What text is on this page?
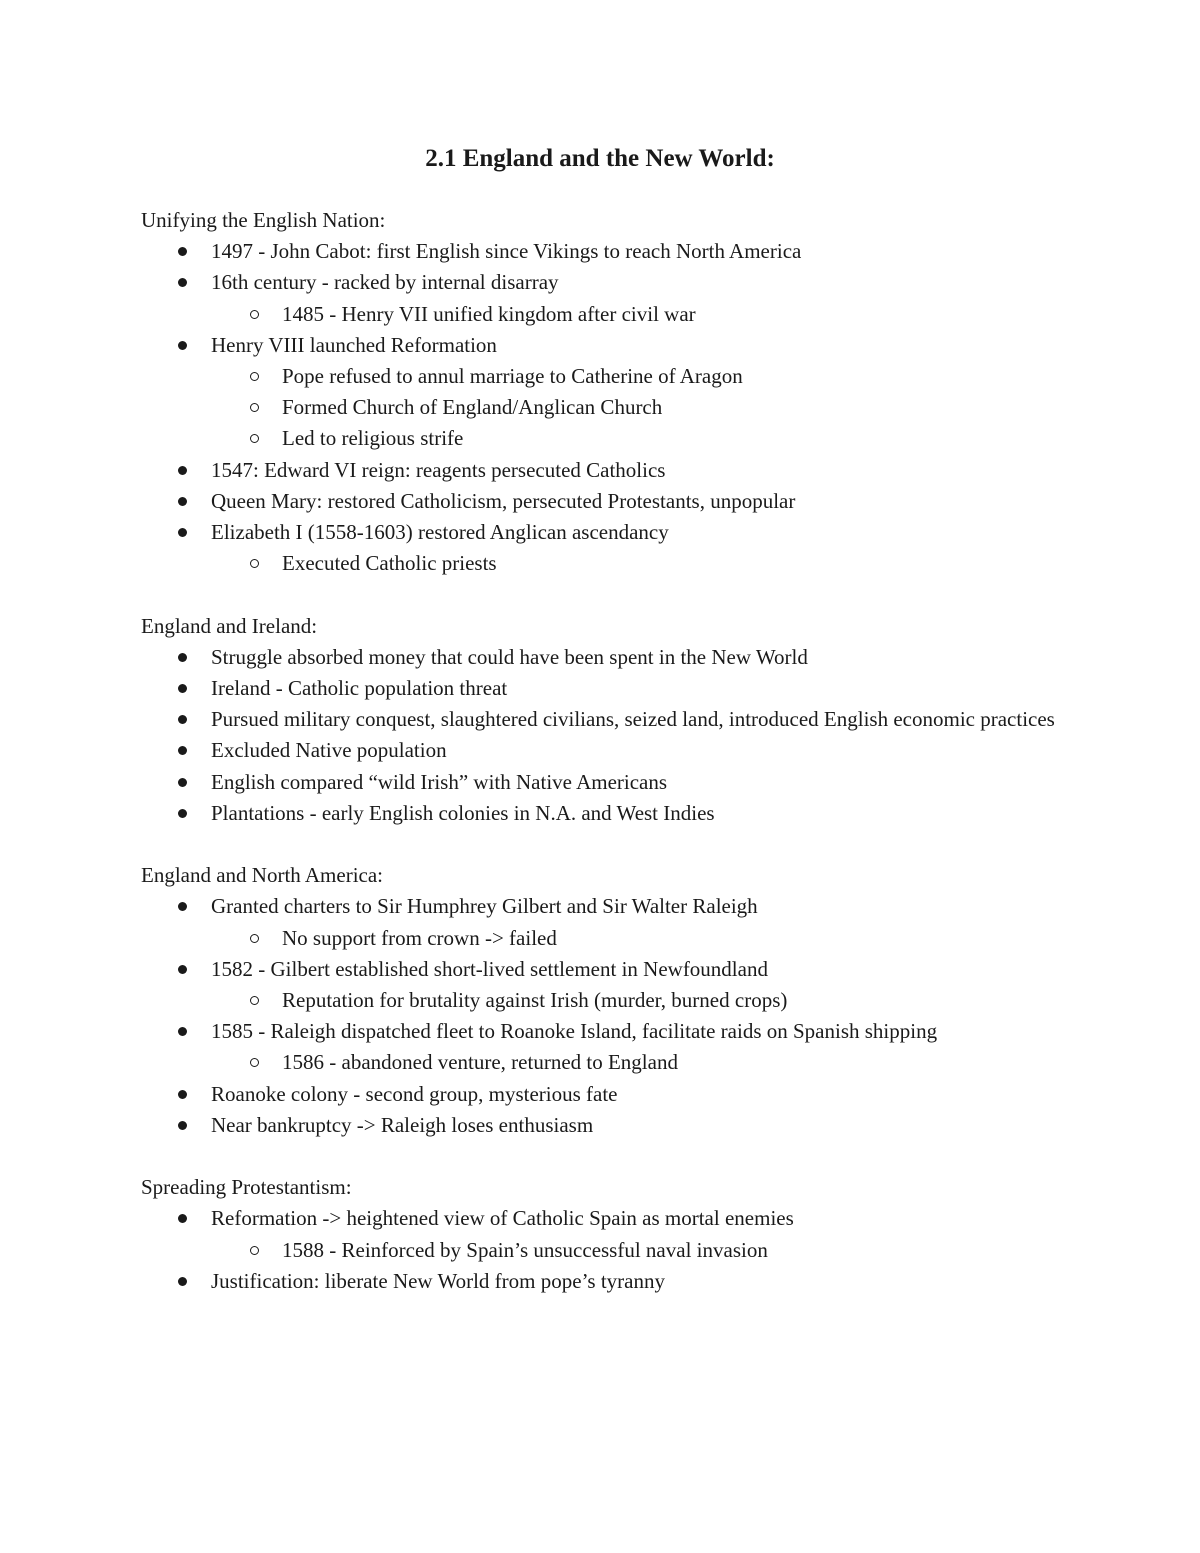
2.1 England and the New World:

Unifying the English Nation:

1497 - John Cabot: first English since Vikings to reach North America
16th century - racked by internal disarray
1485 - Henry VII unified kingdom after civil war
Henry VIII launched Reformation
Pope refused to annul marriage to Catherine of Aragon
Formed Church of England/Anglican Church
Led to religious strife
1547: Edward VI reign: reagents persecuted Catholics
Queen Mary: restored Catholicism, persecuted Protestants, unpopular
Elizabeth I (1558-1603) restored Anglican ascendancy
Executed Catholic priests

England and Ireland:

Struggle absorbed money that could have been spent in the New World
Ireland - Catholic population threat
Pursued military conquest, slaughtered civilians, seized land, introduced English economic practices
Excluded Native population
English compared “wild Irish” with Native Americans
Plantations - early English colonies in N.A. and West Indies

England and North America:

Granted charters to Sir Humphrey Gilbert and Sir Walter Raleigh
No support from crown -> failed
1582 - Gilbert established short-lived settlement in Newfoundland
Reputation for brutality against Irish (murder, burned crops)
1585 - Raleigh dispatched fleet to Roanoke Island, facilitate raids on Spanish shipping
1586 - abandoned venture, returned to England
Roanoke colony - second group, mysterious fate
Near bankruptcy -> Raleigh loses enthusiasm

Spreading Protestantism:

Reformation -> heightened view of Catholic Spain as mortal enemies
1588 - Reinforced by Spain’s unsuccessful naval invasion
Justification: liberate New World from pope’s tyranny
